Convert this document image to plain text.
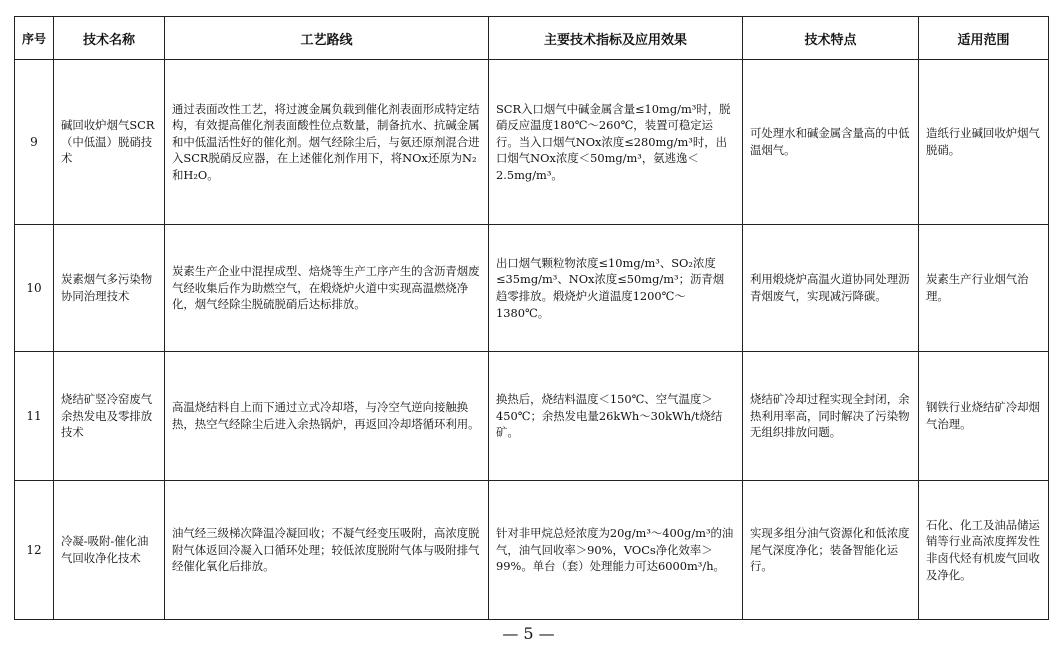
序号	技术名称	工艺路线	主要技术指标及应用效果	技术特点	适用范围
9	碱回收炉烟气SCR（中低温）脱硝技术	通过表面改性工艺，将过渡金属负载到催化剂表面形成特定结构，有效提高催化剂表面酸性位点数量，制备抗水、抗碱金属和中低温活性好的催化剂。烟气经除尘后，与氨还原剂混合进入SCR脱硝反应器，在上述催化剂作用下，将NOx还原为N₂和H₂O。	SCR入口烟气中碱金属含量≤10mg/m³时，脱硝反应温度180℃～260℃，装置可稳定运行。当入口烟气NOx浓度≤280mg/m³时，出口烟气NOx浓度＜50mg/m³，氨逃逸＜2.5mg/m³。	可处理水和碱金属含量高的中低温烟气。	造纸行业碱回收炉烟气脱硝。
10	炭素烟气多污染物协同治理技术	炭素生产企业中混捏成型、焙烧等生产工序产生的含沥青烟废气经收集后作为助燃空气，在煅烧炉火道中实现高温燃烧净化，烟气经除尘脱硫脱硝后达标排放。	出口烟气颗粒物浓度≤10mg/m³、SO₂浓度≤35mg/m³、NOx浓度≤50mg/m³；沥青烟趋零排放。煅烧炉火道温度1200℃～1380℃。	利用煅烧炉高温火道协同处理沥青烟废气，实现减污降碳。	炭素生产行业烟气治理。
11	烧结矿竖冷窑废气余热发电及零排放技术	高温烧结料自上而下通过立式冷却塔，与冷空气逆向接触换热，热空气经除尘后进入余热锅炉，再返回冷却塔循环利用。	换热后，烧结料温度＜150℃、空气温度＞450℃；余热发电量26kWh～30kWh/t烧结矿。	烧结矿冷却过程实现全封闭，余热利用率高，同时解决了污染物无组织排放问题。	钢铁行业烧结矿冷却烟气治理。
12	冷凝-吸附-催化油气回收净化技术	油气经三级梯次降温冷凝回收；不凝气经变压吸附，高浓度脱附气体返回冷凝入口循环处理；较低浓度脱附气体与吸附排气经催化氧化后排放。	针对非甲烷总烃浓度为20g/m³～400g/m³的油气，油气回收率＞90%，VOCs净化效率＞99%。单台（套）处理能力可达6000m³/h。	实现多组分油气资源化和低浓度尾气深度净化；装备智能化运行。	石化、化工及油品储运销等行业高浓度挥发性非卤代烃有机废气回收及净化。
— 5 —
